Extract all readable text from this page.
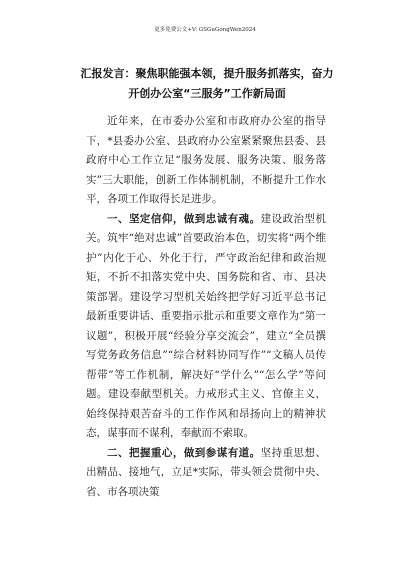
更多免费公文+V: GSGuGongWen2024
汇报发言：聚焦职能强本领，提升服务抓落实，奋力开创办公室“三服务”工作新局面

近年来，在市委办公室和市政府办公室的指导下，*县委办公室、县政府办公室紧紧聚焦县委、县政府中心工作立足“服务发展、服务决策、服务落实”三大职能，创新工作体制机制，不断提升工作水平，各项工作取得长足进步。

一、坚定信仰，做到忠诚有魂。建设政治型机关。筑牢“绝对忠诚”首要政治本色，切实将“两个维护”内化于心、外化于行，严守政治纪律和政治规矩，不折不扣落实党中央、国务院和省、市、县决策部署。建设学习型机关始终把学好习近平总书记最新重要讲话、重要指示批示和重要文章作为“第一议题”，积极开展“经验分享交流会”，建立“全员撰写党务政务信息”“综合材料协同写作”“文稿人员传帮带”等工作机制，解决好“学什么”“怎么学”等问题。建设奉献型机关。力戒形式主义、官僚主义，始终保持艰苦奋斗的工作作风和昂扬向上的精神状态，谋事而不谋利，奉献而不索取。

二、把握重心，做到参谋有道。坚持重思想、出精品、接地气，立足*实际，带头领会贯彻中央、省、市各项决策
